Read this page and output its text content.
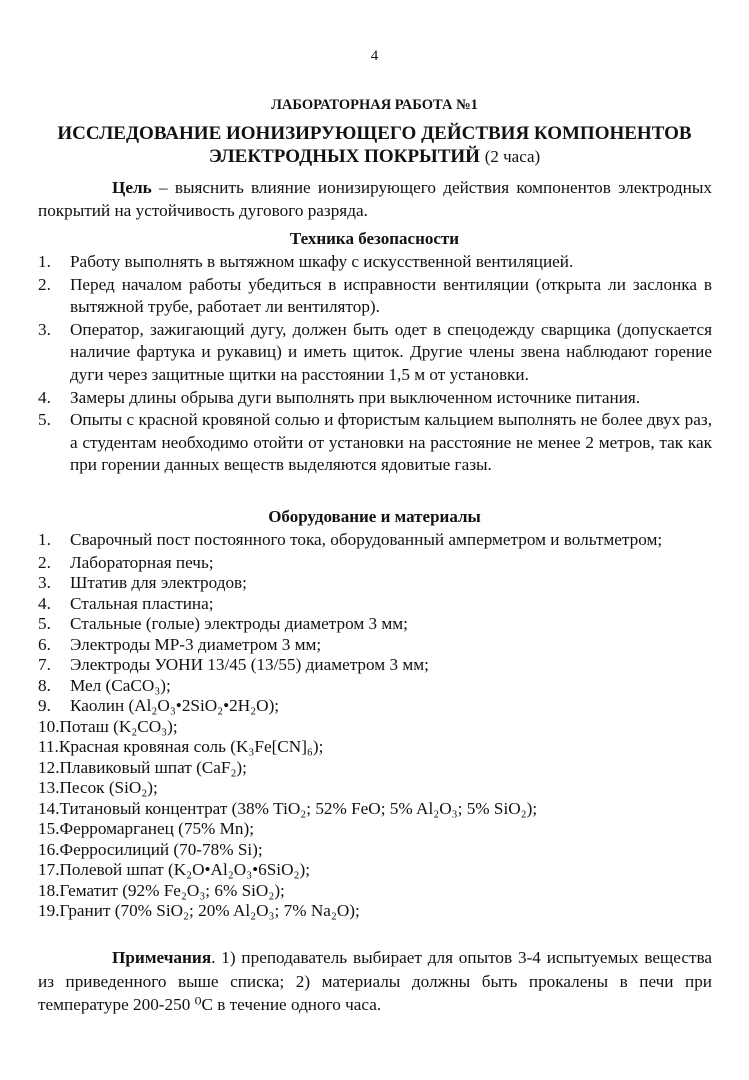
4
ЛАБОРАТОРНАЯ РАБОТА №1
ИССЛЕДОВАНИЕ ИОНИЗИРУЮЩЕГО ДЕЙСТВИЯ КОМПОНЕНТОВ
ЭЛЕКТРОДНЫХ ПОКРЫТИЙ (2 часа)
Цель – выяснить влияние ионизирующего действия компонентов электродных покрытий на устойчивость дугового разряда.
Техника безопасности
1.	Работу выполнять в вытяжном шкафу с искусственной вентиляцией.
2.	Перед началом работы убедиться в исправности вентиляции (открыта ли заслонка в вытяжной трубе, работает ли вентилятор).
3.	Оператор, зажигающий дугу, должен быть одет в спецодежду сварщика (допускается наличие фартука и рукавиц) и иметь щиток. Другие члены звена наблюдают горение дуги через защитные щитки на расстоянии 1,5 м от установки.
4.	Замеры длины обрыва дуги выполнять при выключенном источнике питания.
5.	Опыты с красной кровяной солью и фтористым кальцием выполнять не более двух раз, а студентам необходимо отойти от установки на расстояние не менее 2 метров, так как при горении данных веществ выделяются ядовитые газы.
Оборудование и материалы
1.	Сварочный пост постоянного тока, оборудованный амперметром и вольтметром;
2.	Лабораторная печь;
3.	Штатив для электродов;
4.	Стальная пластина;
5.	Стальные (голые) электроды диаметром 3 мм;
6.	Электроды МР-3 диаметром 3 мм;
7.	Электроды УОНИ 13/45 (13/55) диаметром 3 мм;
8.	Мел (CaCO₃);
9.	Каолин (Al₂O₃•2SiO₂•2H₂O);
10. Поташ (K₂CO₃);
11. Красная кровяная соль (K₃Fe[CN]₆);
12. Плавиковый шпат (CaF₂);
13. Песок (SiO₂);
14. Титановый концентрат (38% TiO₂; 52% FeO; 5% Al₂O₃; 5% SiO₂);
15. Ферромарганец (75% Mn);
16. Ферросилиций (70-78% Si);
17. Полевой шпат (K₂O•Al₂O₃•6SiO₂);
18. Гематит (92% Fe₂O₃; 6% SiO₂);
19. Гранит (70% SiO₂; 20% Al₂O₃; 7% Na₂O);
Примечания. 1) преподаватель выбирает для опытов 3-4 испытуемых вещества из приведенного выше списка; 2) материалы должны быть прокалены в печи при температуре 200-250 ⁰С в течение одного часа.
